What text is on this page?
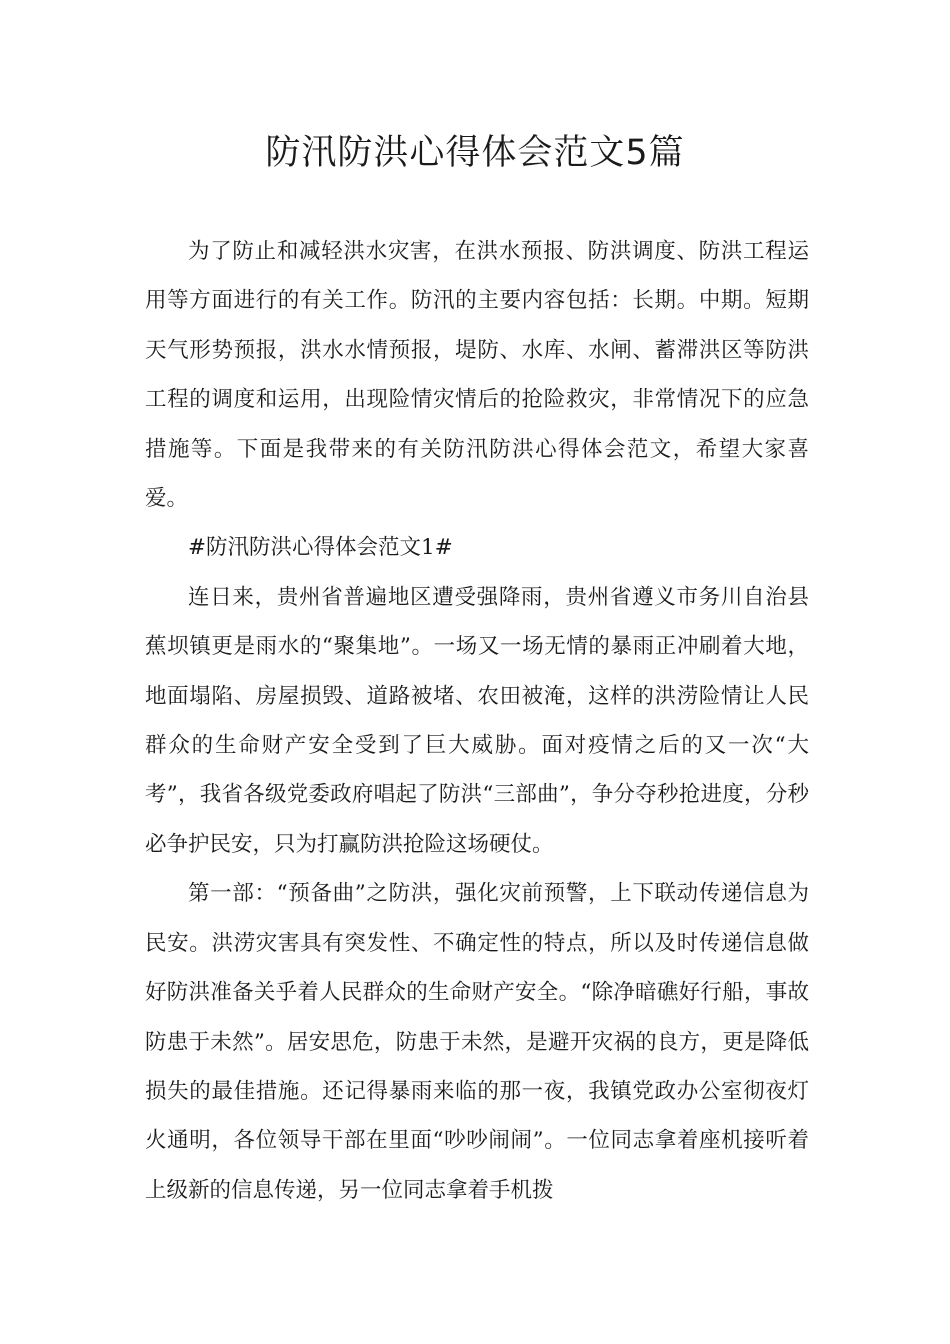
防汛防洪心得体会范文5篇

为了防止和减轻洪水灾害，在洪水预报、防洪调度、防洪工程运用等方面进行的有关工作。防汛的主要内容包括：长期。中期。短期天气形势预报，洪水水情预报，堤防、水库、水闸、蓄滞洪区等防洪工程的调度和运用，出现险情灾情后的抢险救灾，非常情况下的应急措施等。下面是我带来的有关防汛防洪心得体会范文，希望大家喜爱。

#防汛防洪心得体会范文1#

连日来，贵州省普遍地区遭受强降雨，贵州省遵义市务川自治县蕉坝镇更是雨水的“聚集地”。一场又一场无情的暴雨正冲刷着大地，地面塌陷、房屋损毁、道路被堵、农田被淹，这样的洪涝险情让人民群众的生命财产安全受到了巨大威胁。面对疫情之后的又一次“大考”，我省各级党委政府唱起了防洪“三部曲”，争分夺秒抢进度，分秒必争护民安，只为打赢防洪抢险这场硬仗。

第一部：“预备曲”之防洪，强化灾前预警，上下联动传递信息为民安。洪涝灾害具有突发性、不确定性的特点，所以及时传递信息做好防洪准备关乎着人民群众的生命财产安全。“除净暗礁好行船，事故防患于未然”。居安思危，防患于未然，是避开灾祸的良方，更是降低损失的最佳措施。还记得暴雨来临的那一夜，我镇党政办公室彻夜灯火通明，各位领导干部在里面“吵吵闹闹”。一位同志拿着座机接听着上级新的信息传递，另一位同志拿着手机拨
